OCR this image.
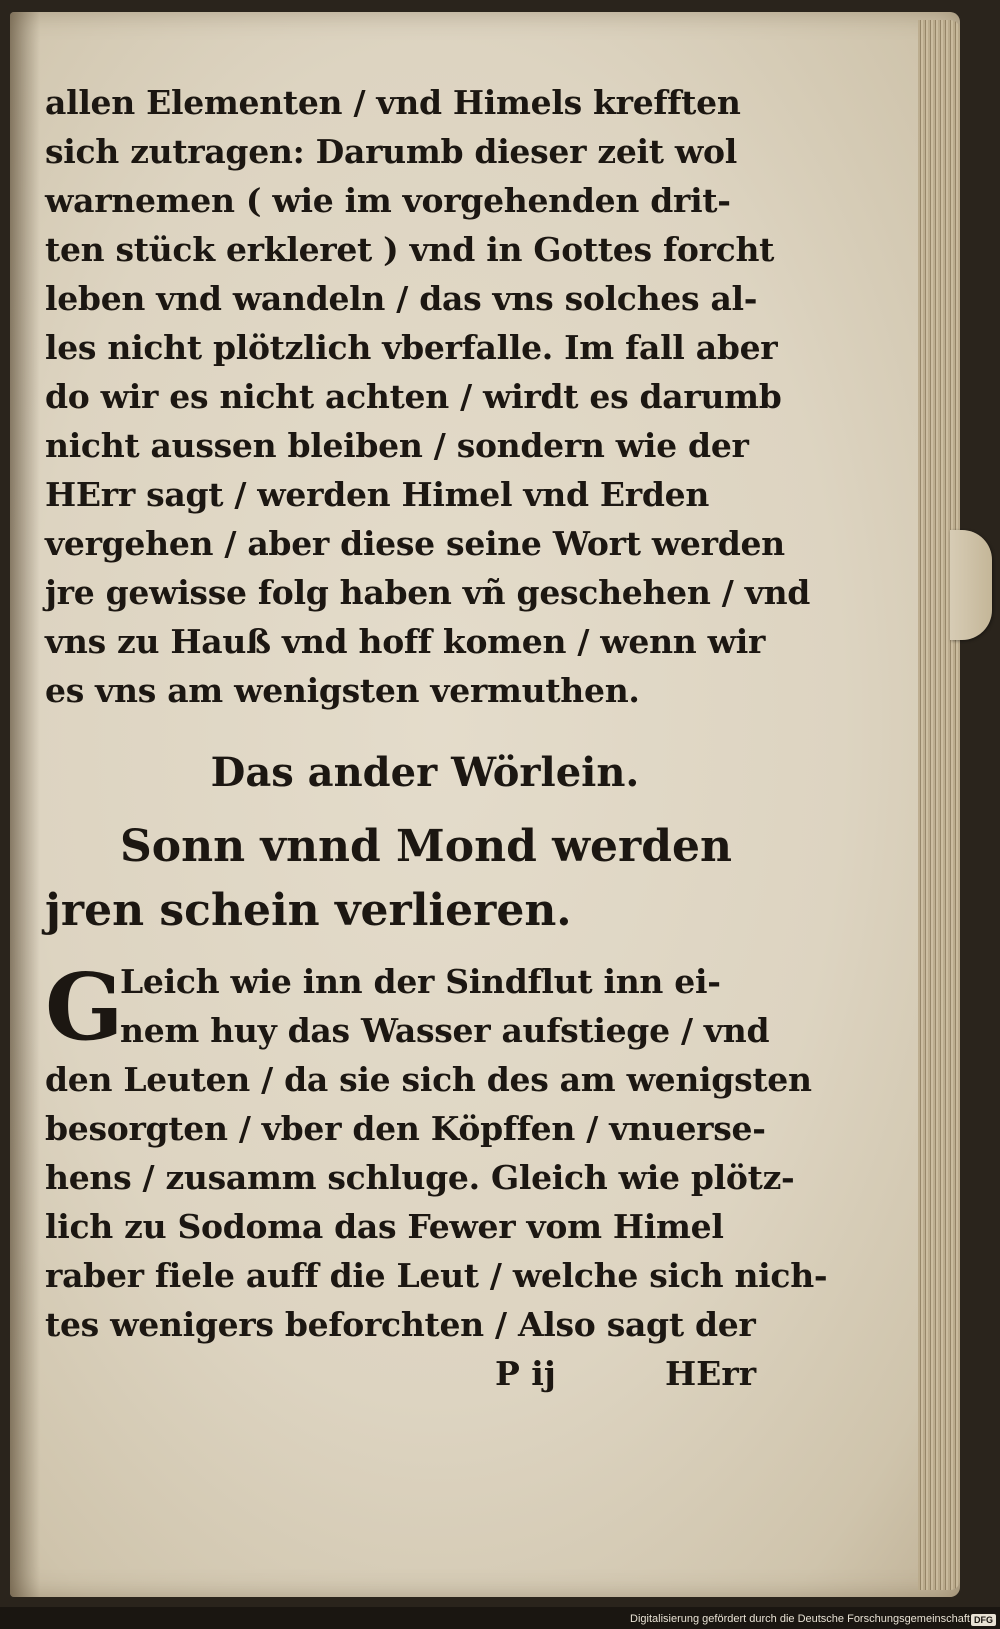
allen Elementen / vnd Himels krefften
sich zutragen: Darumb dieser zeit wol
warnemen ( wie im vorgehenden drit-
ten stück erkleret ) vnd in Gottes forcht
leben vnd wandeln / das vns solches al-
les nicht plötzlich vberfalle. Im fall aber
do wir es nicht achten / wirdt es darumb
nicht aussen bleiben / sondern wie der
HErr sagt / werden Himel vnd Erden
vergehen / aber diese seine Wort werden
jre gewisse folg haben vñ geschehen / vnd
vns zu Hauß vnd hoff komen / wenn wir
es vns am wenigsten vermuthen.
Das ander Wörlein.
Sonn vnnd Mond werden
jren schein verlieren.
G
Leich wie inn der Sindflut inn ei-
nem huy das Wasser aufstiege / vnd
den Leuten / da sie sich des am wenigsten
besorgten / vber den Köpffen / vnuerse-
hens / zusamm schluge. Gleich wie plötz-
lich zu Sodoma das Fewer vom Himel
raber fiele auff die Leut / welche sich nich-
tes wenigers beforchten / Also sagt der
P ij	HErr
Digitalisierung gefördert durch die Deutsche Forschungsgemeinschaft DFG
